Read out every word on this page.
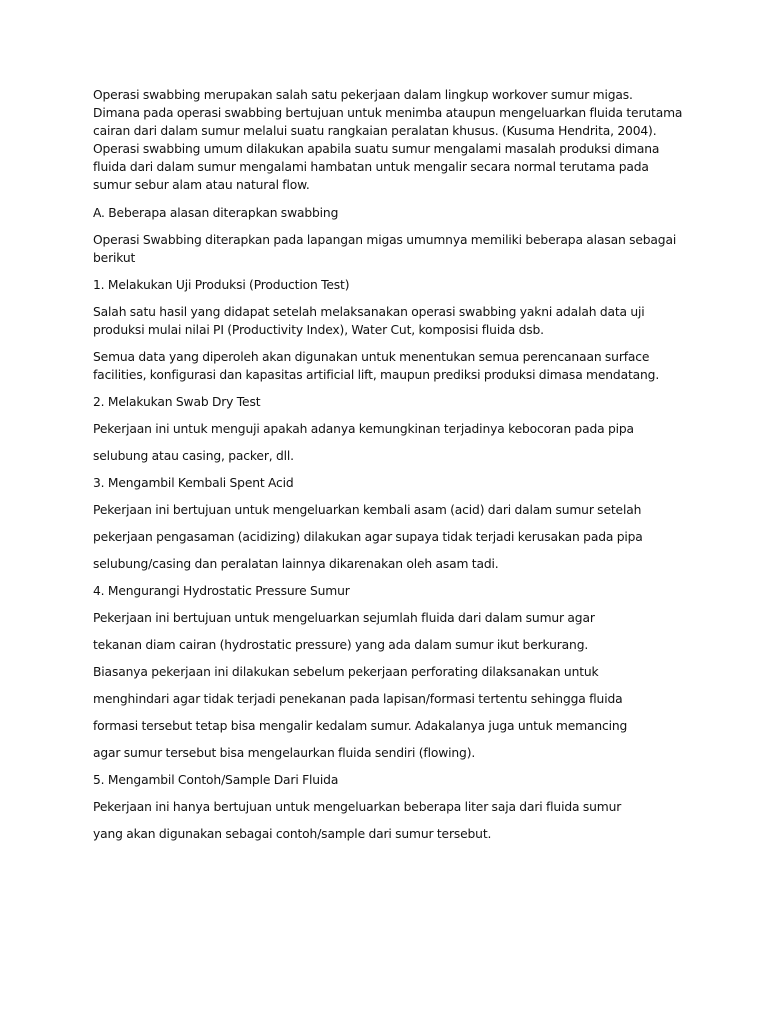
Operasi swabbing merupakan salah satu pekerjaan dalam lingkup workover sumur migas. Dimana pada operasi swabbing bertujuan untuk menimba ataupun mengeluarkan fluida terutama cairan dari dalam sumur melalui suatu rangkaian peralatan khusus. (Kusuma Hendrita, 2004). Operasi swabbing umum dilakukan apabila suatu sumur mengalami masalah produksi dimana fluida dari dalam sumur mengalami hambatan untuk mengalir secara normal terutama pada sumur sebur alam atau natural flow.

A. Beberapa alasan diterapkan swabbing

Operasi Swabbing diterapkan pada lapangan migas umumnya memiliki beberapa alasan sebagai berikut

1. Melakukan Uji Produksi (Production Test)

Salah satu hasil yang didapat setelah melaksanakan operasi swabbing yakni adalah data uji produksi mulai nilai PI (Productivity Index), Water Cut, komposisi fluida dsb.

Semua data yang diperoleh akan digunakan untuk menentukan semua perencanaan surface facilities, konfigurasi dan kapasitas artificial lift, maupun prediksi produksi dimasa mendatang.

2. Melakukan Swab Dry Test

Pekerjaan ini untuk menguji apakah adanya kemungkinan terjadinya kebocoran pada pipa

selubung atau casing, packer, dll.

3. Mengambil Kembali Spent Acid

Pekerjaan ini bertujuan untuk mengeluarkan kembali asam (acid) dari dalam sumur setelah

pekerjaan pengasaman (acidizing) dilakukan agar supaya tidak terjadi kerusakan pada pipa

selubung/casing dan peralatan lainnya dikarenakan oleh asam tadi.

4. Mengurangi Hydrostatic Pressure Sumur

Pekerjaan ini bertujuan untuk mengeluarkan sejumlah fluida dari dalam sumur agar

tekanan diam cairan (hydrostatic pressure) yang ada dalam sumur ikut berkurang.

Biasanya pekerjaan ini dilakukan sebelum pekerjaan perforating dilaksanakan untuk

menghindari agar tidak terjadi penekanan pada lapisan/formasi tertentu sehingga fluida

formasi tersebut tetap bisa mengalir kedalam sumur. Adakalanya juga untuk memancing

agar sumur tersebut bisa mengelaurkan fluida sendiri (flowing).

5. Mengambil Contoh/Sample Dari Fluida

Pekerjaan ini hanya bertujuan untuk mengeluarkan beberapa liter saja dari fluida sumur

yang akan digunakan sebagai contoh/sample dari sumur tersebut.
